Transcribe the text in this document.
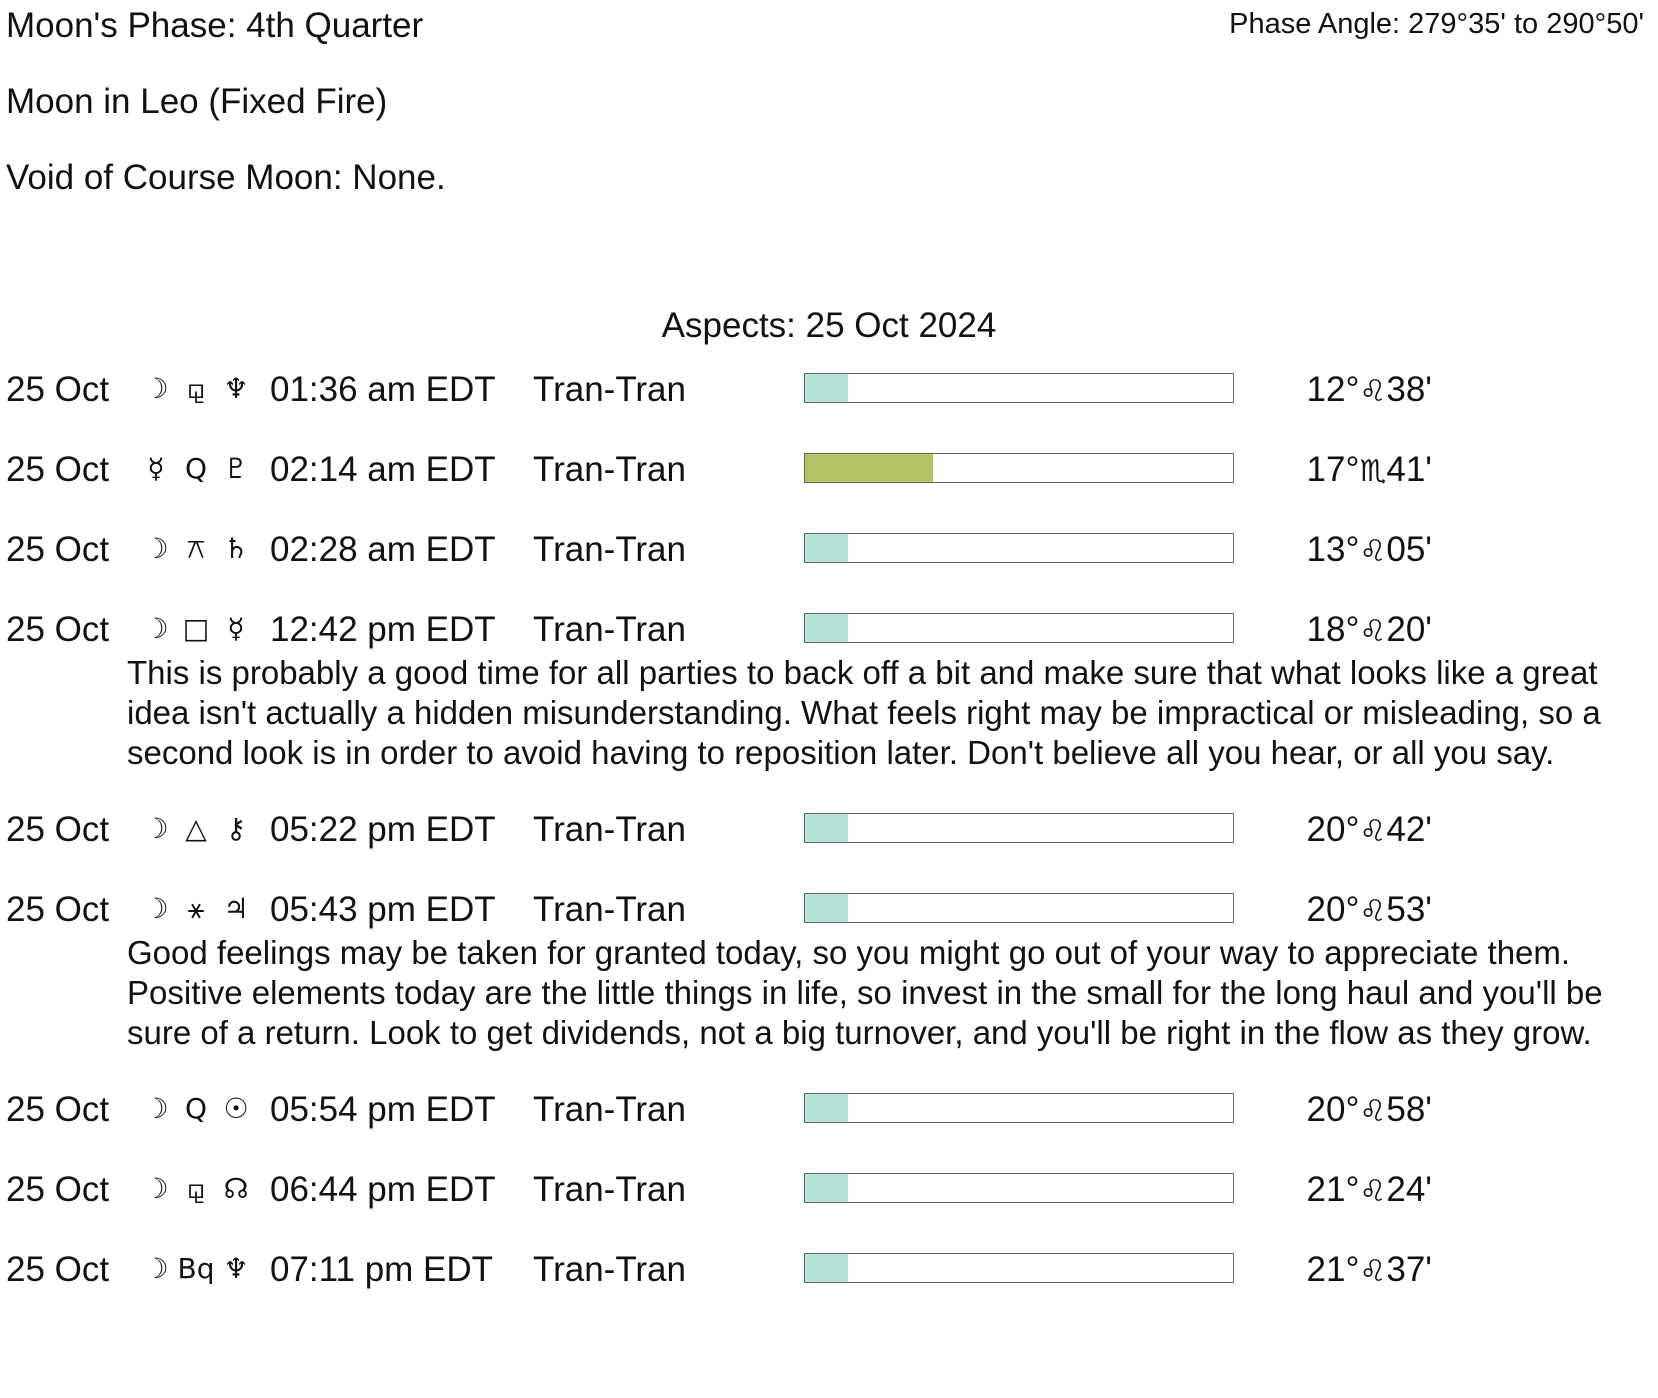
Moon's Phase: 4th Quarter	Phase Angle: 279°35' to 290°50'
Moon in Leo (Fixed Fire)
Void of Course Moon: None.
Aspects: 25 Oct 2024
25 Oct ☽ ⚼ ♆ 01:36 am EDT Tran-Tran	12°♌38'
25 Oct	☿ Q ♇ 02:14 am EDT Tran-Tran	17°♏41'
25 Oct ☽ ⚻ ♄ 02:28 am EDT Tran-Tran	13°♌05'
25 Oct ☽ □ ☿ 12:42 pm EDT Tran-Tran	18°♌20'
This is probably a good time for all parties to back off a bit and make sure that what looks like a great idea isn't actually a hidden misunderstanding. What feels right may be impractical or misleading, so a second look is in order to avoid having to reposition later. Don't believe all you hear, or all you say.
25 Oct ☽ △ ⚷ 05:22 pm EDT Tran-Tran	20°♌42'
25 Oct ☽ ⚹ ♃ 05:43 pm EDT Tran-Tran	20°♌53'
Good feelings may be taken for granted today, so you might go out of your way to appreciate them. Positive elements today are the little things in life, so invest in the small for the long haul and you'll be sure of a return. Look to get dividends, not a big turnover, and you'll be right in the flow as they grow.
25 Oct ☽ Q ☉ 05:54 pm EDT Tran-Tran	20°♌58'
25 Oct ☽ ⚼ ☊ 06:44 pm EDT Tran-Tran	21°♌24'
25 Oct ☽ Bq ♆ 07:11 pm EDT Tran-Tran	21°♌37'
